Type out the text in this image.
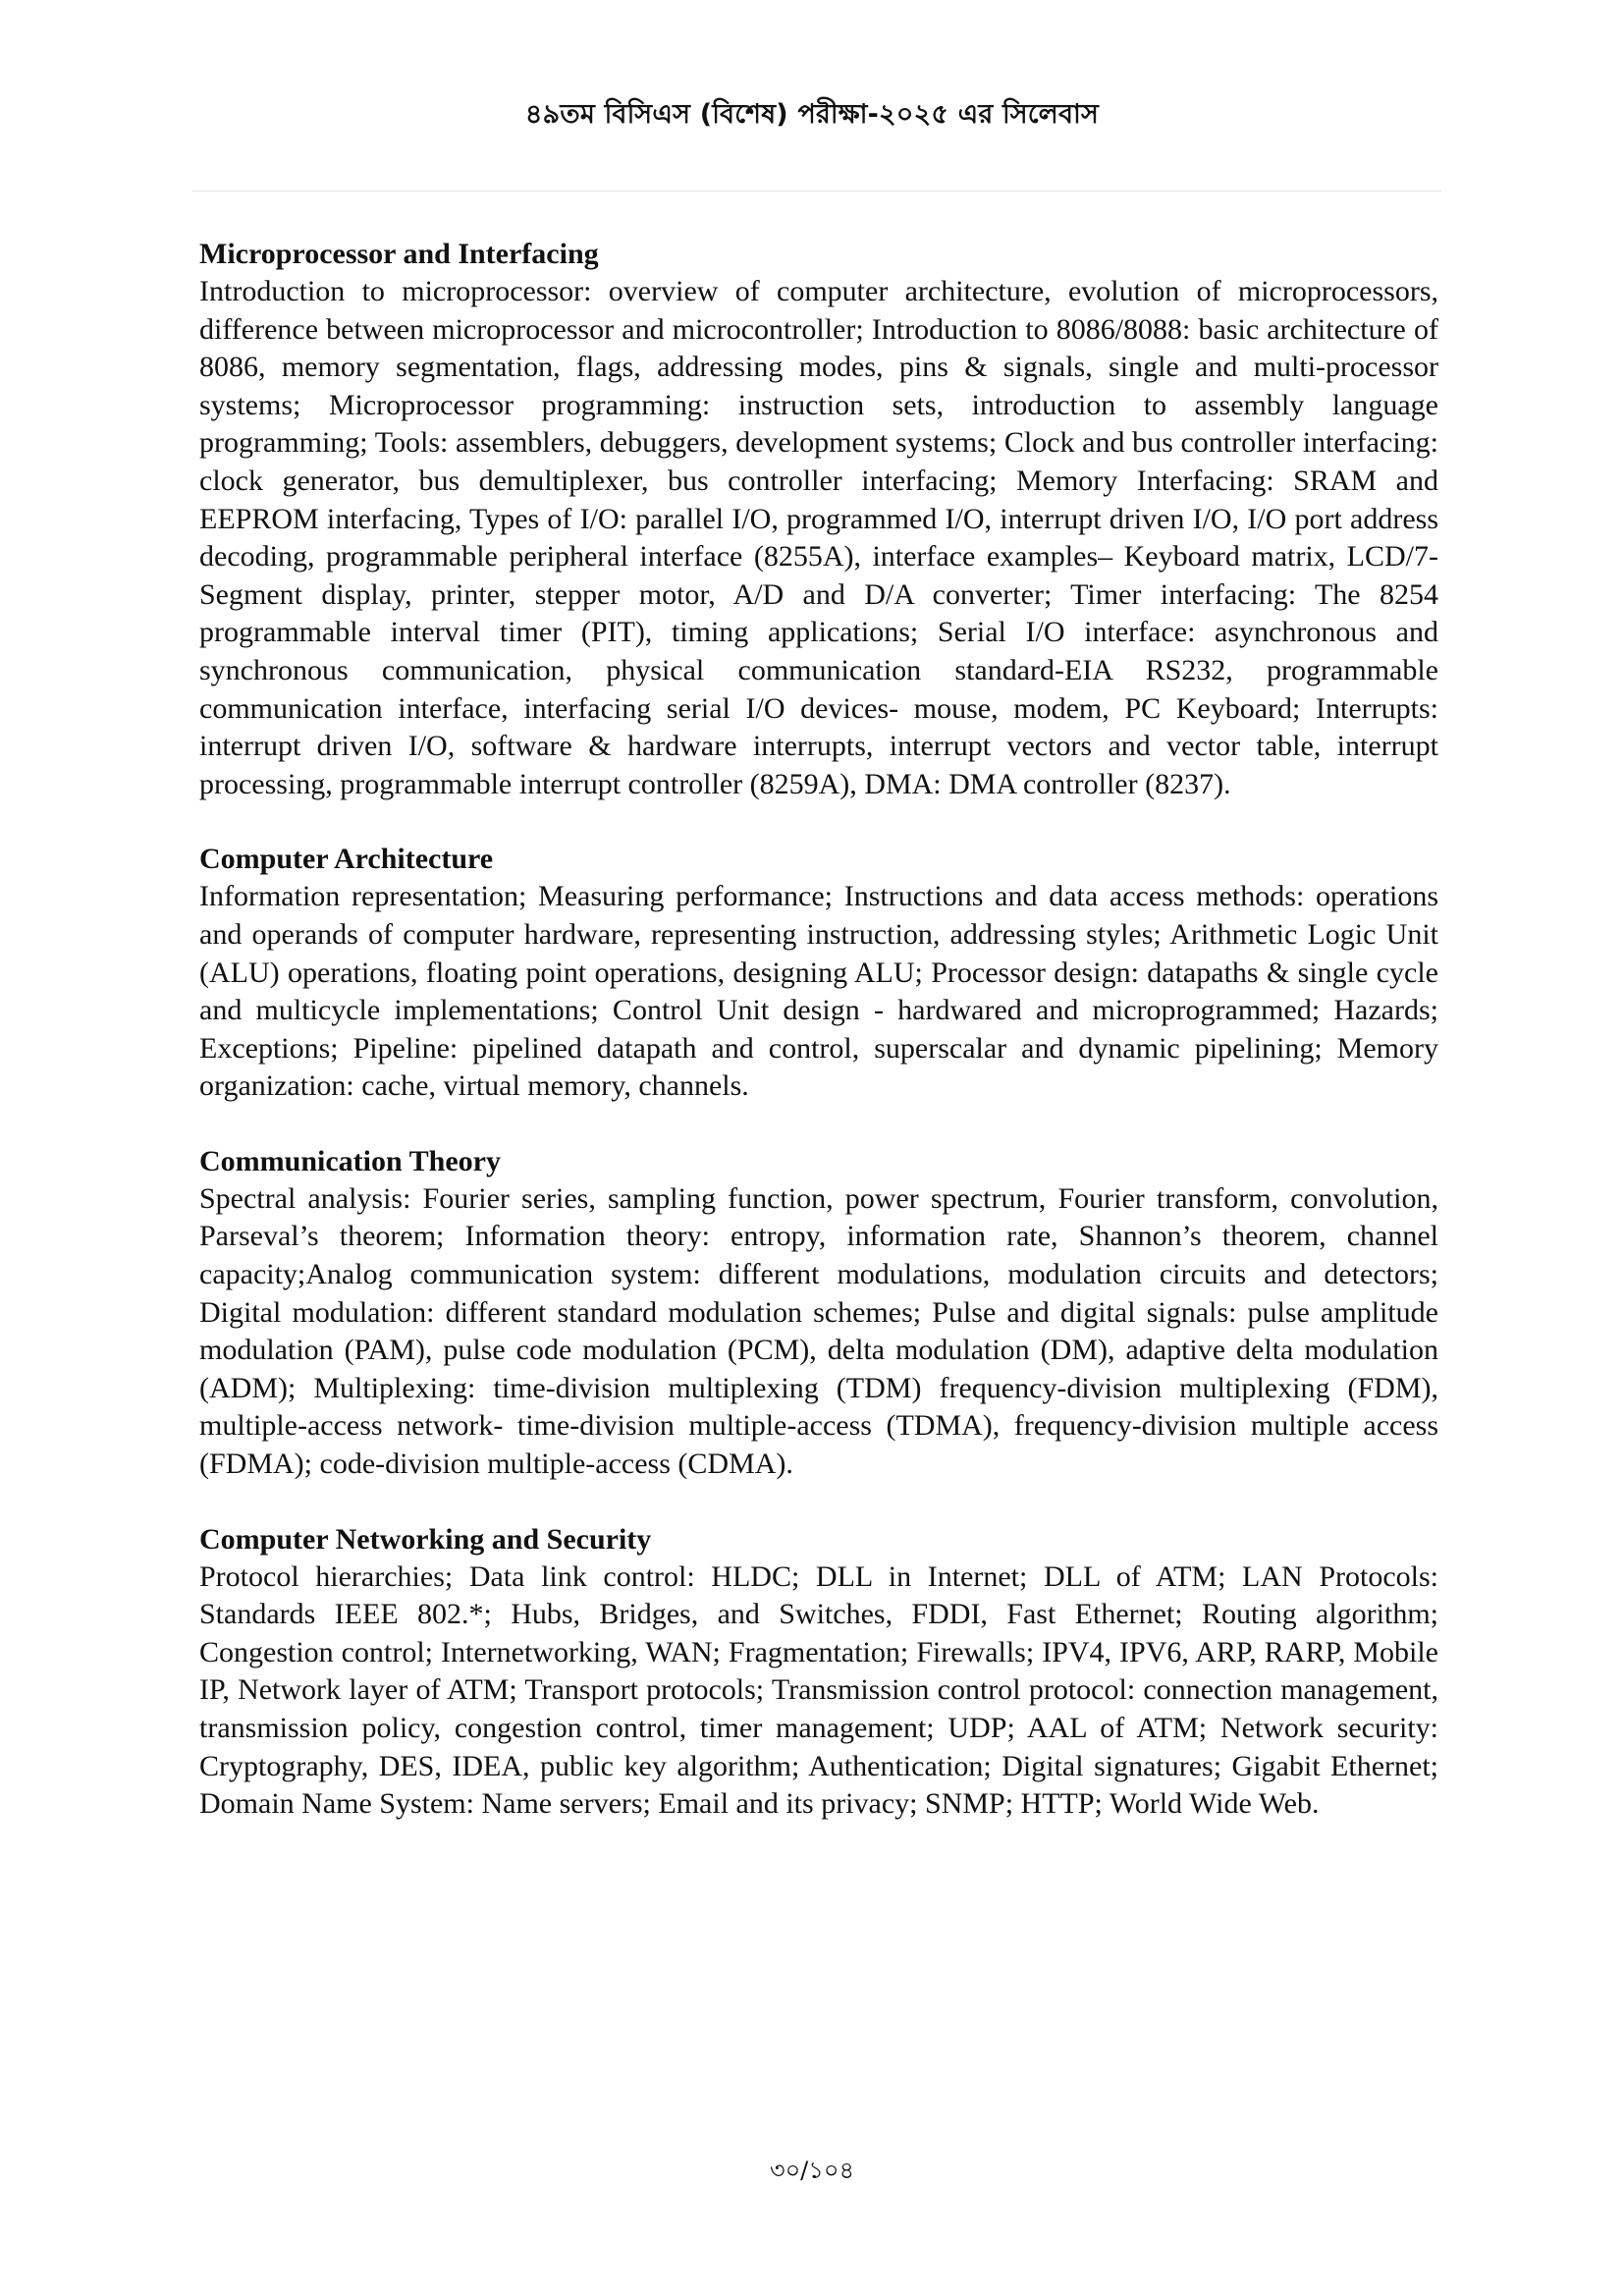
৪৯তম বিসিএস (বিশেষ) পরীক্ষা-২০২৫ এর সিলেবাস

Microprocessor and Interfacing

Introduction to microprocessor: overview of computer architecture, evolution of microprocessors, difference between microprocessor and microcontroller; Introduction to 8086/8088: basic architecture of 8086, memory segmentation, flags, addressing modes, pins & signals, single and multi-processor systems; Microprocessor programming: instruction sets, introduction to assembly language programming; Tools: assemblers, debuggers, development systems; Clock and bus controller interfacing: clock generator, bus demultiplexer, bus controller interfacing; Memory Interfacing: SRAM and EEPROM interfacing, Types of I/O: parallel I/O, programmed I/O, interrupt driven I/O, I/O port address decoding, programmable peripheral interface (8255A), interface examples– Keyboard matrix, LCD/7-Segment display, printer, stepper motor, A/D and D/A converter; Timer interfacing: The 8254 programmable interval timer (PIT), timing applications; Serial I/O interface: asynchronous and synchronous communication, physical communication standard-EIA RS232, programmable communication interface, interfacing serial I/O devices- mouse, modem, PC Keyboard; Interrupts: interrupt driven I/O, software & hardware interrupts, interrupt vectors and vector table, interrupt processing, programmable interrupt controller (8259A), DMA: DMA controller (8237).

Computer Architecture

Information representation; Measuring performance; Instructions and data access methods: operations and operands of computer hardware, representing instruction, addressing styles; Arithmetic Logic Unit (ALU) operations, floating point operations, designing ALU; Processor design: datapaths & single cycle and multicycle implementations; Control Unit design - hardwared and microprogrammed; Hazards; Exceptions; Pipeline: pipelined datapath and control, superscalar and dynamic pipelining; Memory organization: cache, virtual memory, channels.

Communication Theory

Spectral analysis: Fourier series, sampling function, power spectrum, Fourier transform, convolution, Parseval’s theorem; Information theory: entropy, information rate, Shannon’s theorem, channel capacity;Analog communication system: different modulations, modulation circuits and detectors; Digital modulation: different standard modulation schemes; Pulse and digital signals: pulse amplitude modulation (PAM), pulse code modulation (PCM), delta modulation (DM), adaptive delta modulation (ADM); Multiplexing: time-division multiplexing (TDM) frequency-division multiplexing (FDM), multiple-access network- time-division multiple-access (TDMA), frequency-division multiple access (FDMA); code-division multiple-access (CDMA).

Computer Networking and Security

Protocol hierarchies; Data link control: HLDC; DLL in Internet; DLL of ATM; LAN Protocols: Standards IEEE 802.*; Hubs, Bridges, and Switches, FDDI, Fast Ethernet; Routing algorithm; Congestion control; Internetworking, WAN; Fragmentation; Firewalls; IPV4, IPV6, ARP, RARP, Mobile IP, Network layer of ATM; Transport protocols; Transmission control protocol: connection management, transmission policy, congestion control, timer management; UDP; AAL of ATM; Network security: Cryptography, DES, IDEA, public key algorithm; Authentication; Digital signatures; Gigabit Ethernet; Domain Name System: Name servers; Email and its privacy; SNMP; HTTP; World Wide Web.

৩০/১০৪
